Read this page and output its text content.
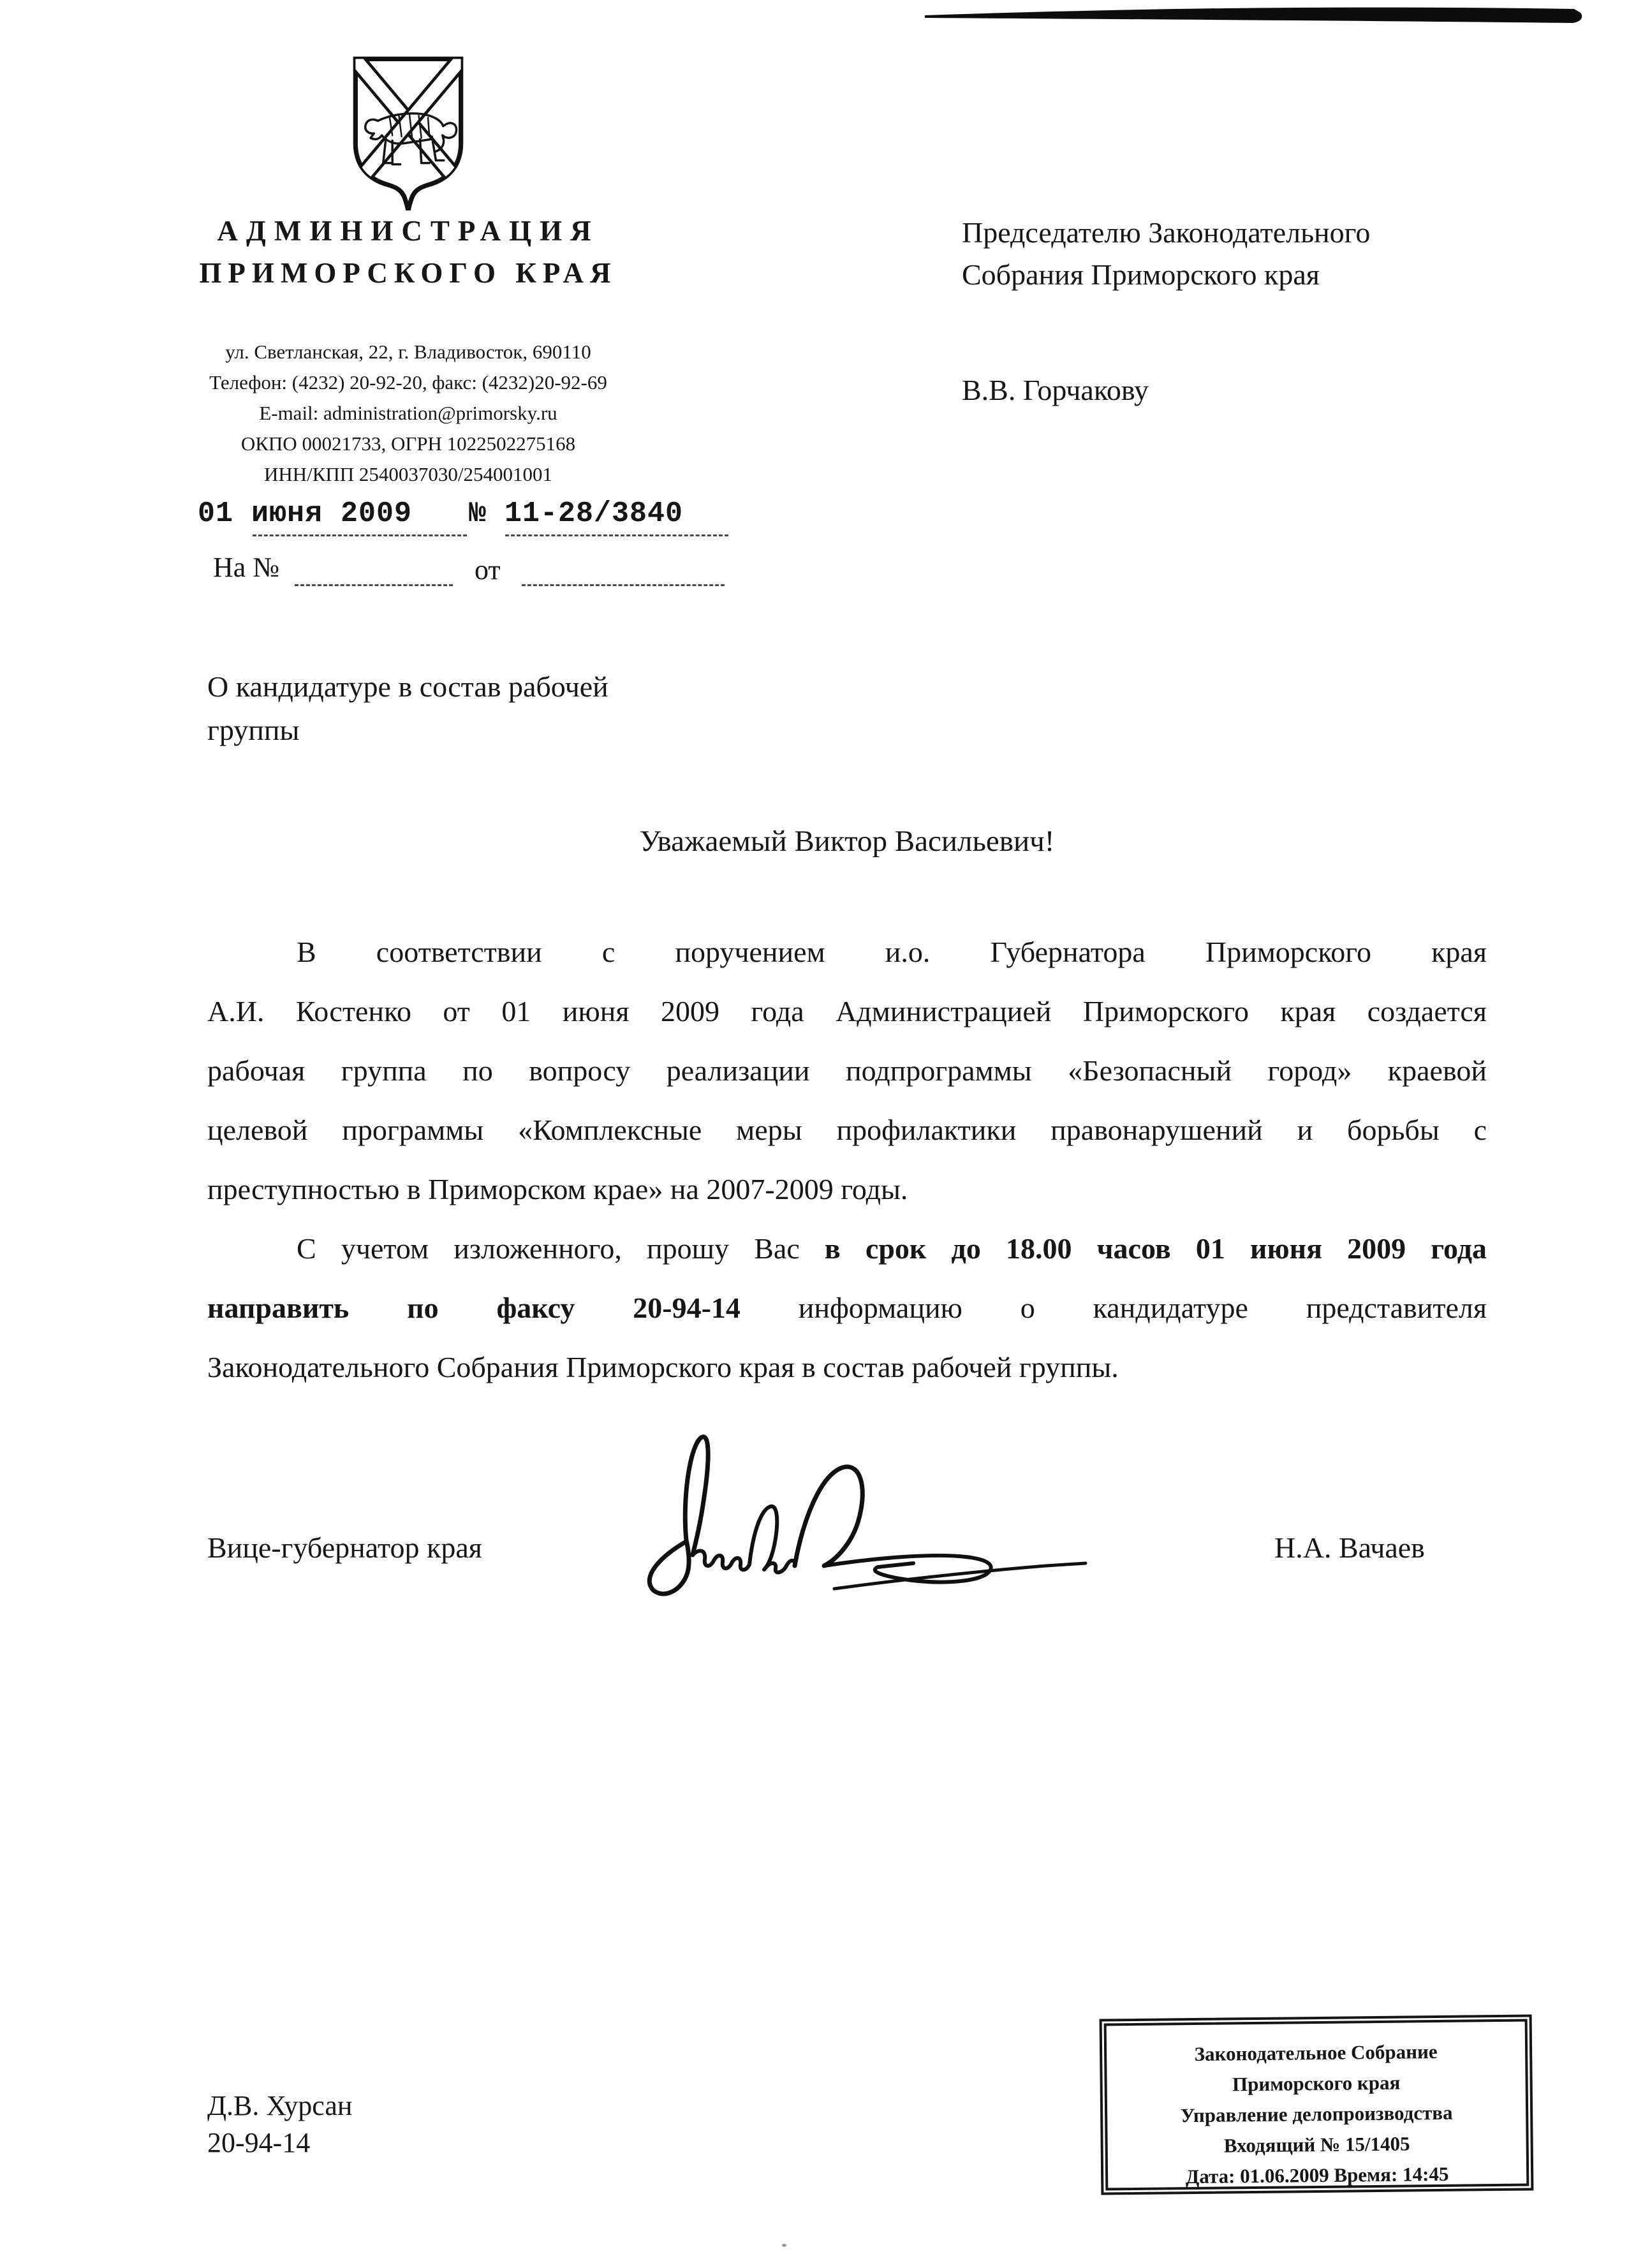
АДМИНИСТРАЦИЯ
ПРИМОРСКОГО КРАЯ
ул. Светланская, 22, г. Владивосток, 690110
Телефон: (4232) 20-92-20, факс: (4232)20-92-69
E-mail: administration@primorsky.ru
ОКПО 00021733, ОГРН 1022502275168
ИНН/КПП 2540037030/254001001
01 июня 2009 № 11-28/3840
На №	от
Председателю Законодательного
Собрания Приморского края
В.В. Горчакову
О кандидатуре в состав рабочей
группы
Уважаемый Виктор Васильевич!
В соответствии с поручением и.о. Губернатора Приморского края
А.И. Костенко от 01 июня 2009 года Администрацией Приморского края создается
рабочая группа по вопросу реализации подпрограммы «Безопасный город» краевой
целевой программы «Комплексные меры профилактики правонарушений и борьбы с
преступностью в Приморском крае» на 2007-2009 годы.
С учетом изложенного, прошу Вас в срок до 18.00 часов 01 июня 2009 года
направить по факсу 20-94-14 информацию о кандидатуре представителя
Законодательного Собрания Приморского края в состав рабочей группы.
Вице-губернатор края	Н.А. Вачаев
Д.В. Хурсан
20-94-14
Законодательное Собрание
Приморского края
Управление делопроизводства
Входящий № 15/1405
Дата: 01.06.2009 Время: 14:45
